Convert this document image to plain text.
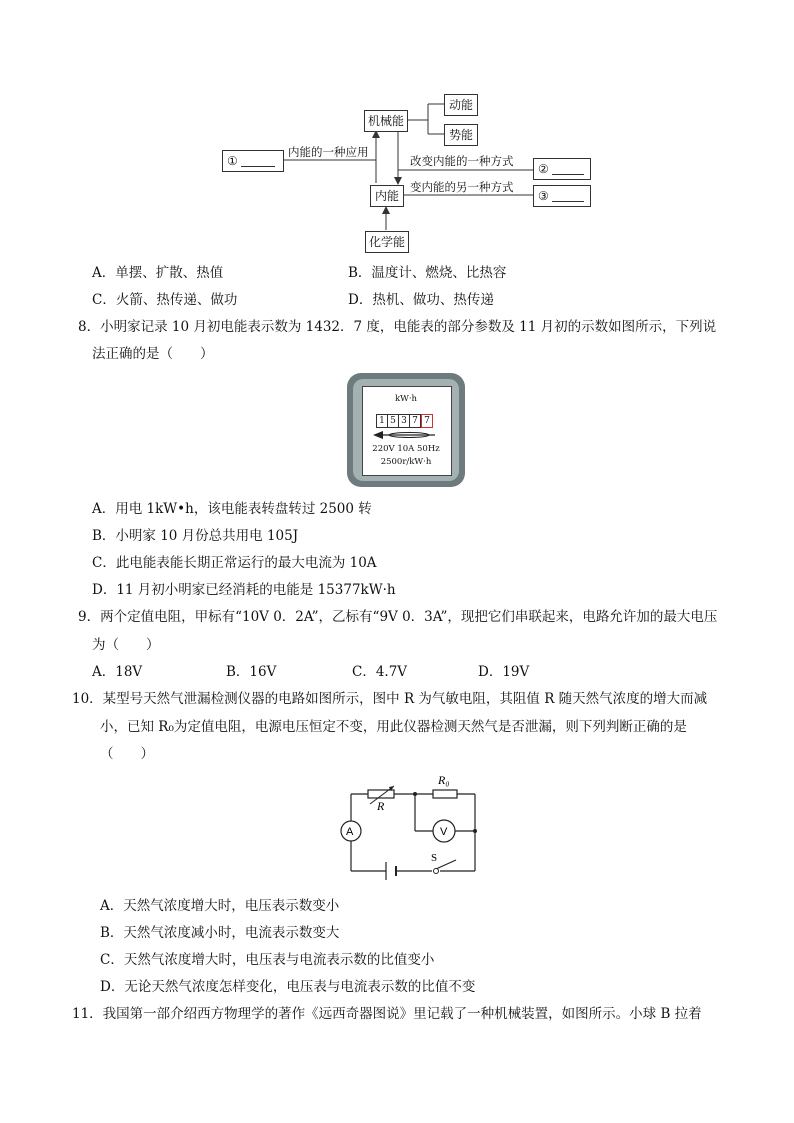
机械能
动能
势能
内能
化学能
①
②
③
内能的一种应用
改变内能的一种方式
变内能的另一种方式
A．单摆、扩散、热值	B．温度计、燃烧、比热容
C．火箭、热传递、做功	D．热机、做功、热传递
8．小明家记录 10 月初电能表示数为 1432．7 度，电能表的部分参数及 11 月初的示数如图所示，下列说
法正确的是（　　）
kW·h
1 5 3 7 7
220V 10A 50Hz
2500r/kW·h
A．用电 1kW•h，该电能表转盘转过 2500 转
B．小明家 10 月份总共用电 105J
C．此电能表能长期正常运行的最大电流为 10A
D．11 月初小明家已经消耗的电能是 15377kW·h
9．两个定值电阻，甲标有“10V 0．2A”，乙标有“9V 0．3A”，现把它们串联起来，电路允许加的最大电压
为（　　）
A．18V	B．16V	C．4.7V	D．19V
10．某型号天然气泄漏检测仪器的电路如图所示，图中 R 为气敏电阻，其阻值 R 随天然气浓度的增大而减
小，已知 R₀为定值电阻，电源电压恒定不变，用此仪器检测天然气是否泄漏，则下列判断正确的是
（　　）
R₀
R
A	V
S
A．天然气浓度增大时，电压表示数变小
B．天然气浓度减小时，电流表示数变大
C．天然气浓度增大时，电压表与电流表示数的比值变小
D．无论天然气浓度怎样变化，电压表与电流表示数的比值不变
11．我国第一部介绍西方物理学的著作《远西奇器图说》里记载了一种机械装置，如图所示。小球 B 拉着
